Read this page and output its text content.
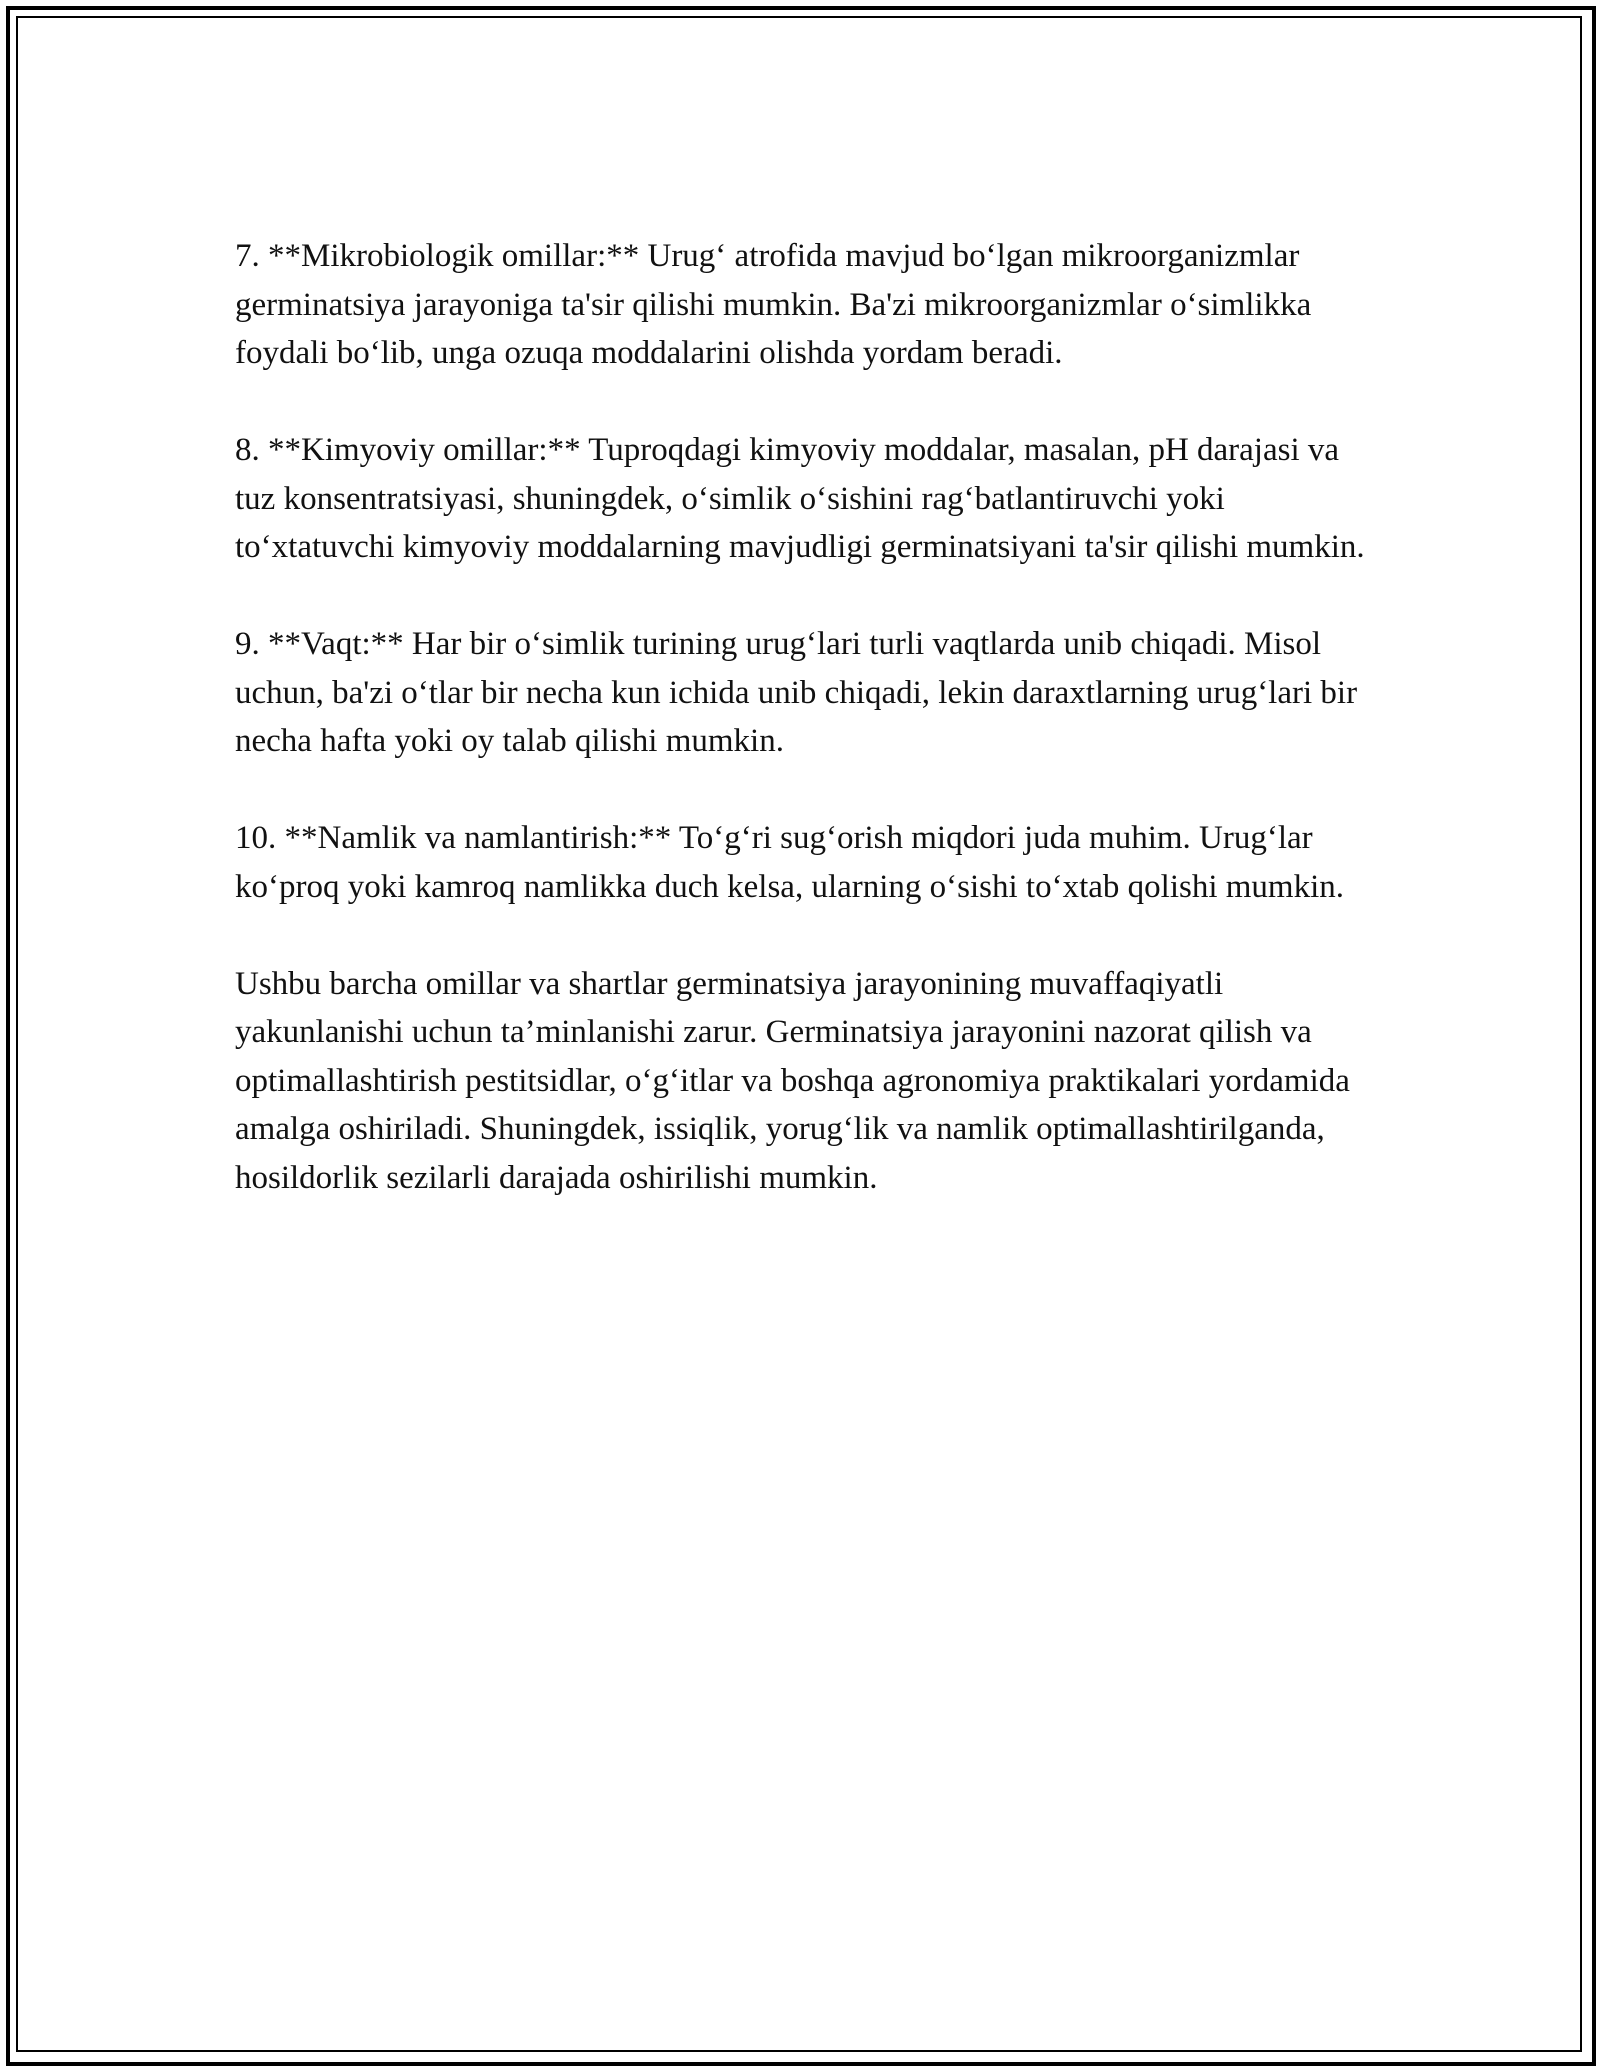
7. **Mikrobiologik omillar:** Urug‘ atrofida mavjud bo‘lgan mikroorganizmlar germinatsiya jarayoniga ta'sir qilishi mumkin. Ba'zi mikroorganizmlar o‘simlikka foydali bo‘lib, unga ozuqa moddalarini olishda yordam beradi.

8. **Kimyoviy omillar:** Tuproqdagi kimyoviy moddalar, masalan, pH darajasi va tuz konsentratsiyasi, shuningdek, o‘simlik o‘sishini rag‘batlantiruvchi yoki to‘xtatuvchi kimyoviy moddalarning mavjudligi germinatsiyani ta'sir qilishi mumkin.

9. **Vaqt:** Har bir o‘simlik turining urug‘lari turli vaqtlarda unib chiqadi. Misol uchun, ba'zi o‘tlar bir necha kun ichida unib chiqadi, lekin daraxtlarning urug‘lari bir necha hafta yoki oy talab qilishi mumkin.

10. **Namlik va namlantirish:** To‘g‘ri sug‘orish miqdori juda muhim. Urug‘lar ko‘proq yoki kamroq namlikka duch kelsa, ularning o‘sishi to‘xtab qolishi mumkin.

Ushbu barcha omillar va shartlar germinatsiya jarayonining muvaffaqiyatli yakunlanishi uchun ta’minlanishi zarur. Germinatsiya jarayonini nazorat qilish va optimallashtirish pestitsidlar, o‘g‘itlar va boshqa agronomiya praktikalari yordamida amalga oshiriladi. Shuningdek, issiqlik, yorug‘lik va namlik optimallashtirilganda, hosildorlik sezilarli darajada oshirilishi mumkin.
